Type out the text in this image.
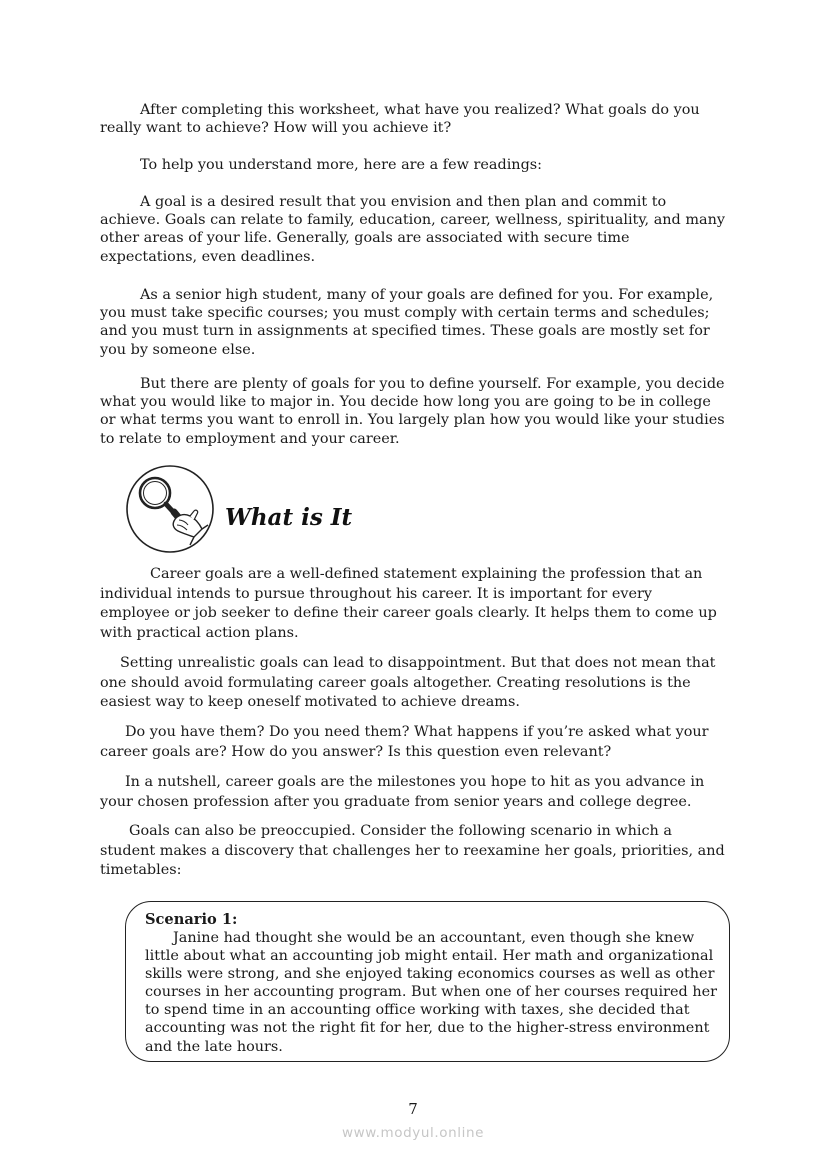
After completing this worksheet, what have you realized? What goals do you really want to achieve? How will you achieve it?

To help you understand more, here are a few readings:

A goal is a desired result that you envision and then plan and commit to achieve. Goals can relate to family, education, career, wellness, spirituality, and many other areas of your life. Generally, goals are associated with secure time expectations, even deadlines.

As a senior high student, many of your goals are defined for you. For example, you must take specific courses; you must comply with certain terms and schedules; and you must turn in assignments at specified times. These goals are mostly set for you by someone else.

But there are plenty of goals for you to define yourself. For example, you decide what you would like to major in. You decide how long you are going to be in college or what terms you want to enroll in. You largely plan how you would like your studies to relate to employment and your career.

What is It

Career goals are a well-defined statement explaining the profession that an individual intends to pursue throughout his career. It is important for every employee or job seeker to define their career goals clearly. It helps them to come up with practical action plans.

Setting unrealistic goals can lead to disappointment. But that does not mean that one should avoid formulating career goals altogether. Creating resolutions is the easiest way to keep oneself motivated to achieve dreams.

Do you have them? Do you need them? What happens if you’re asked what your career goals are? How do you answer? Is this question even relevant?

In a nutshell, career goals are the milestones you hope to hit as you advance in your chosen profession after you graduate from senior years and college degree.

Goals can also be preoccupied. Consider the following scenario in which a student makes a discovery that challenges her to reexamine her goals, priorities, and timetables:

Scenario 1:

Janine had thought she would be an accountant, even though she knew little about what an accounting job might entail. Her math and organizational skills were strong, and she enjoyed taking economics courses as well as other courses in her accounting program. But when one of her courses required her to spend time in an accounting office working with taxes, she decided that accounting was not the right fit for her, due to the higher-stress environment and the late hours.

7

www.modyul.online
